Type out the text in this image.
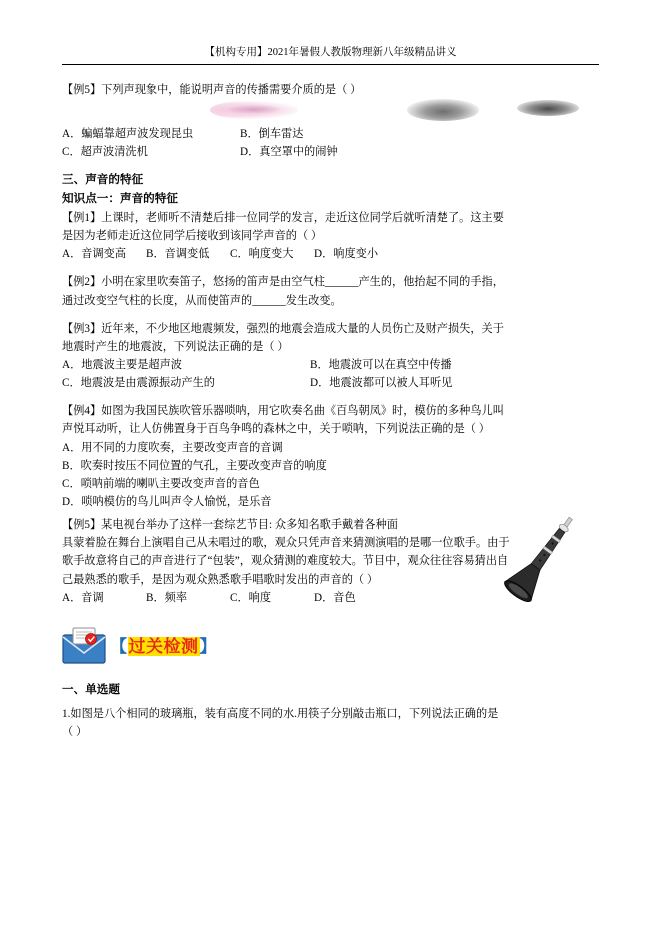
【机构专用】2021年暑假人教版物理新八年级精品讲义
【例5】下列声现象中，能说明声音的传播需要介质的是（ ）
A．蝙蝠靠超声波发现昆虫	B．倒车雷达
C．超声波清洗机	D．真空罩中的闹钟
三、声音的特征
知识点一：声音的特征
【例1】上课时，老师听不清楚后排一位同学的发言，走近这位同学后就听清楚了。这主要
是因为老师走近这位同学后接收到该同学声音的（ ）
A．音调变高	B．音调变低	C．响度变大	D．响度变小
【例2】小明在家里吹奏笛子，悠扬的笛声是由空气柱______产生的，他抬起不同的手指，
通过改变空气柱的长度，从而使笛声的______发生改变。
【例3】近年来，不少地区地震频发，强烈的地震会造成大量的人员伤亡及财产损失，关于
地震时产生的地震波，下列说法正确的是（ ）
A．地震波主要是超声波	B．地震波可以在真空中传播
C．地震波是由震源振动产生的	D．地震波都可以被人耳听见
【例4】如图为我国民族吹管乐器唢呐，用它吹奏名曲《百鸟朝凤》时，模仿的多种鸟儿叫
声悦耳动听，让人仿佛置身于百鸟争鸣的森林之中，关于唢呐，下列说法正确的是（ ）
A．用不同的力度吹奏，主要改变声音的音调
B．吹奏时按压不同位置的气孔，主要改变声音的响度
C．唢呐前端的喇叭主要改变声音的音色
D．唢呐模仿的鸟儿叫声令人愉悦，是乐音
【例5】某电视台举办了这样一套综艺节目: 众多知名歌手戴着各种面
具蒙着脸在舞台上演唱自己从未唱过的歌，观众只凭声音来猜测演唱的是哪一位歌手。由于
歌手故意将自己的声音进行了“包装”，观众猜测的难度较大。节目中，观众往往容易猜出自
己最熟悉的歌手，是因为观众熟悉歌手唱歌时发出的声音的（ ）
A．音调	B．频率	C．响度	D．音色
【过关检测】
一、单选题
1.如图是八个相同的玻璃瓶，装有高度不同的水.用筷子分别敲击瓶口，下列说法正确的是
（ ）
